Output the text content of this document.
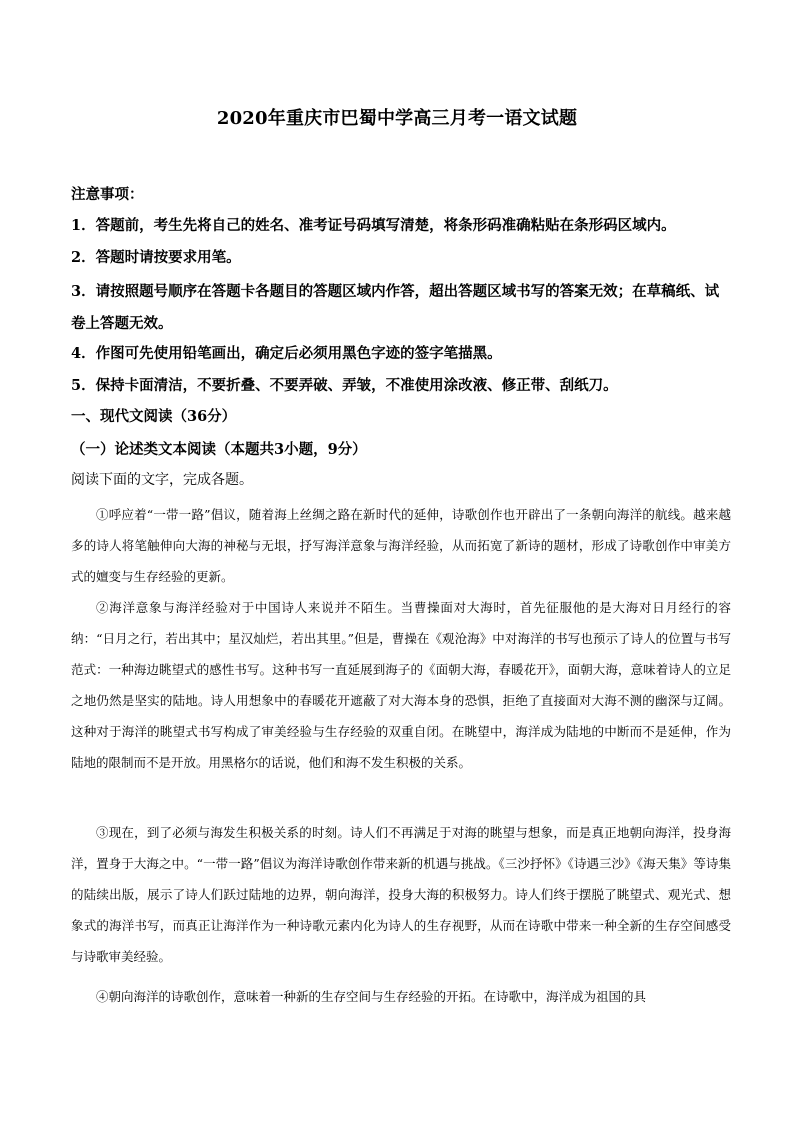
2020年重庆市巴蜀中学高三月考一语文试题
注意事项：
1．答题前，考生先将自己的姓名、准考证号码填写清楚，将条形码准确粘贴在条形码区域内。
2．答题时请按要求用笔。
3．请按照题号顺序在答题卡各题目的答题区域内作答，超出答题区域书写的答案无效；在草稿纸、试卷上答题无效。
4．作图可先使用铅笔画出，确定后必须用黑色字迹的签字笔描黑。
5．保持卡面清洁，不要折叠、不要弄破、弄皱，不准使用涂改液、修正带、刮纸刀。
一、现代文阅读（36分）
（一）论述类文本阅读（本题共3小题，9分）
阅读下面的文字，完成各题。
①呼应着“一带一路”倡议，随着海上丝绸之路在新时代的延伸，诗歌创作也开辟出了一条朝向海洋的航线。越来越多的诗人将笔触伸向大海的神秘与无垠，抒写海洋意象与海洋经验，从而拓宽了新诗的题材，形成了诗歌创作中审美方式的嬗变与生存经验的更新。
②海洋意象与海洋经验对于中国诗人来说并不陌生。当曹操面对大海时，首先征服他的是大海对日月经行的容纳：“日月之行，若出其中；星汉灿烂，若出其里。”但是，曹操在《观沧海》中对海洋的书写也预示了诗人的位置与书写范式：一种海边眺望式的感性书写。这种书写一直延展到海子的《面朝大海，春暖花开》，面朝大海，意味着诗人的立足之地仍然是坚实的陆地。诗人用想象中的春暖花开遮蔽了对大海本身的恐惧，拒绝了直接面对大海不测的幽深与辽阔。这种对于海洋的眺望式书写构成了审美经验与生存经验的双重自闭。在眺望中，海洋成为陆地的中断而不是延伸，作为陆地的限制而不是开放。用黑格尔的话说，他们和海不发生积极的关系。
③现在，到了必须与海发生积极关系的时刻。诗人们不再满足于对海的眺望与想象，而是真正地朝向海洋，投身海洋，置身于大海之中。“一带一路”倡议为海洋诗歌创作带来新的机遇与挑战。《三沙抒怀》《诗遇三沙》《海天集》等诗集的陆续出版，展示了诗人们跃过陆地的边界，朝向海洋，投身大海的积极努力。诗人们终于摆脱了眺望式、观光式、想象式的海洋书写，而真正让海洋作为一种诗歌元素内化为诗人的生存视野，从而在诗歌中带来一种全新的生存空间感受与诗歌审美经验。
④朝向海洋的诗歌创作，意味着一种新的生存空间与生存经验的开拓。在诗歌中，海洋成为祖国的具
